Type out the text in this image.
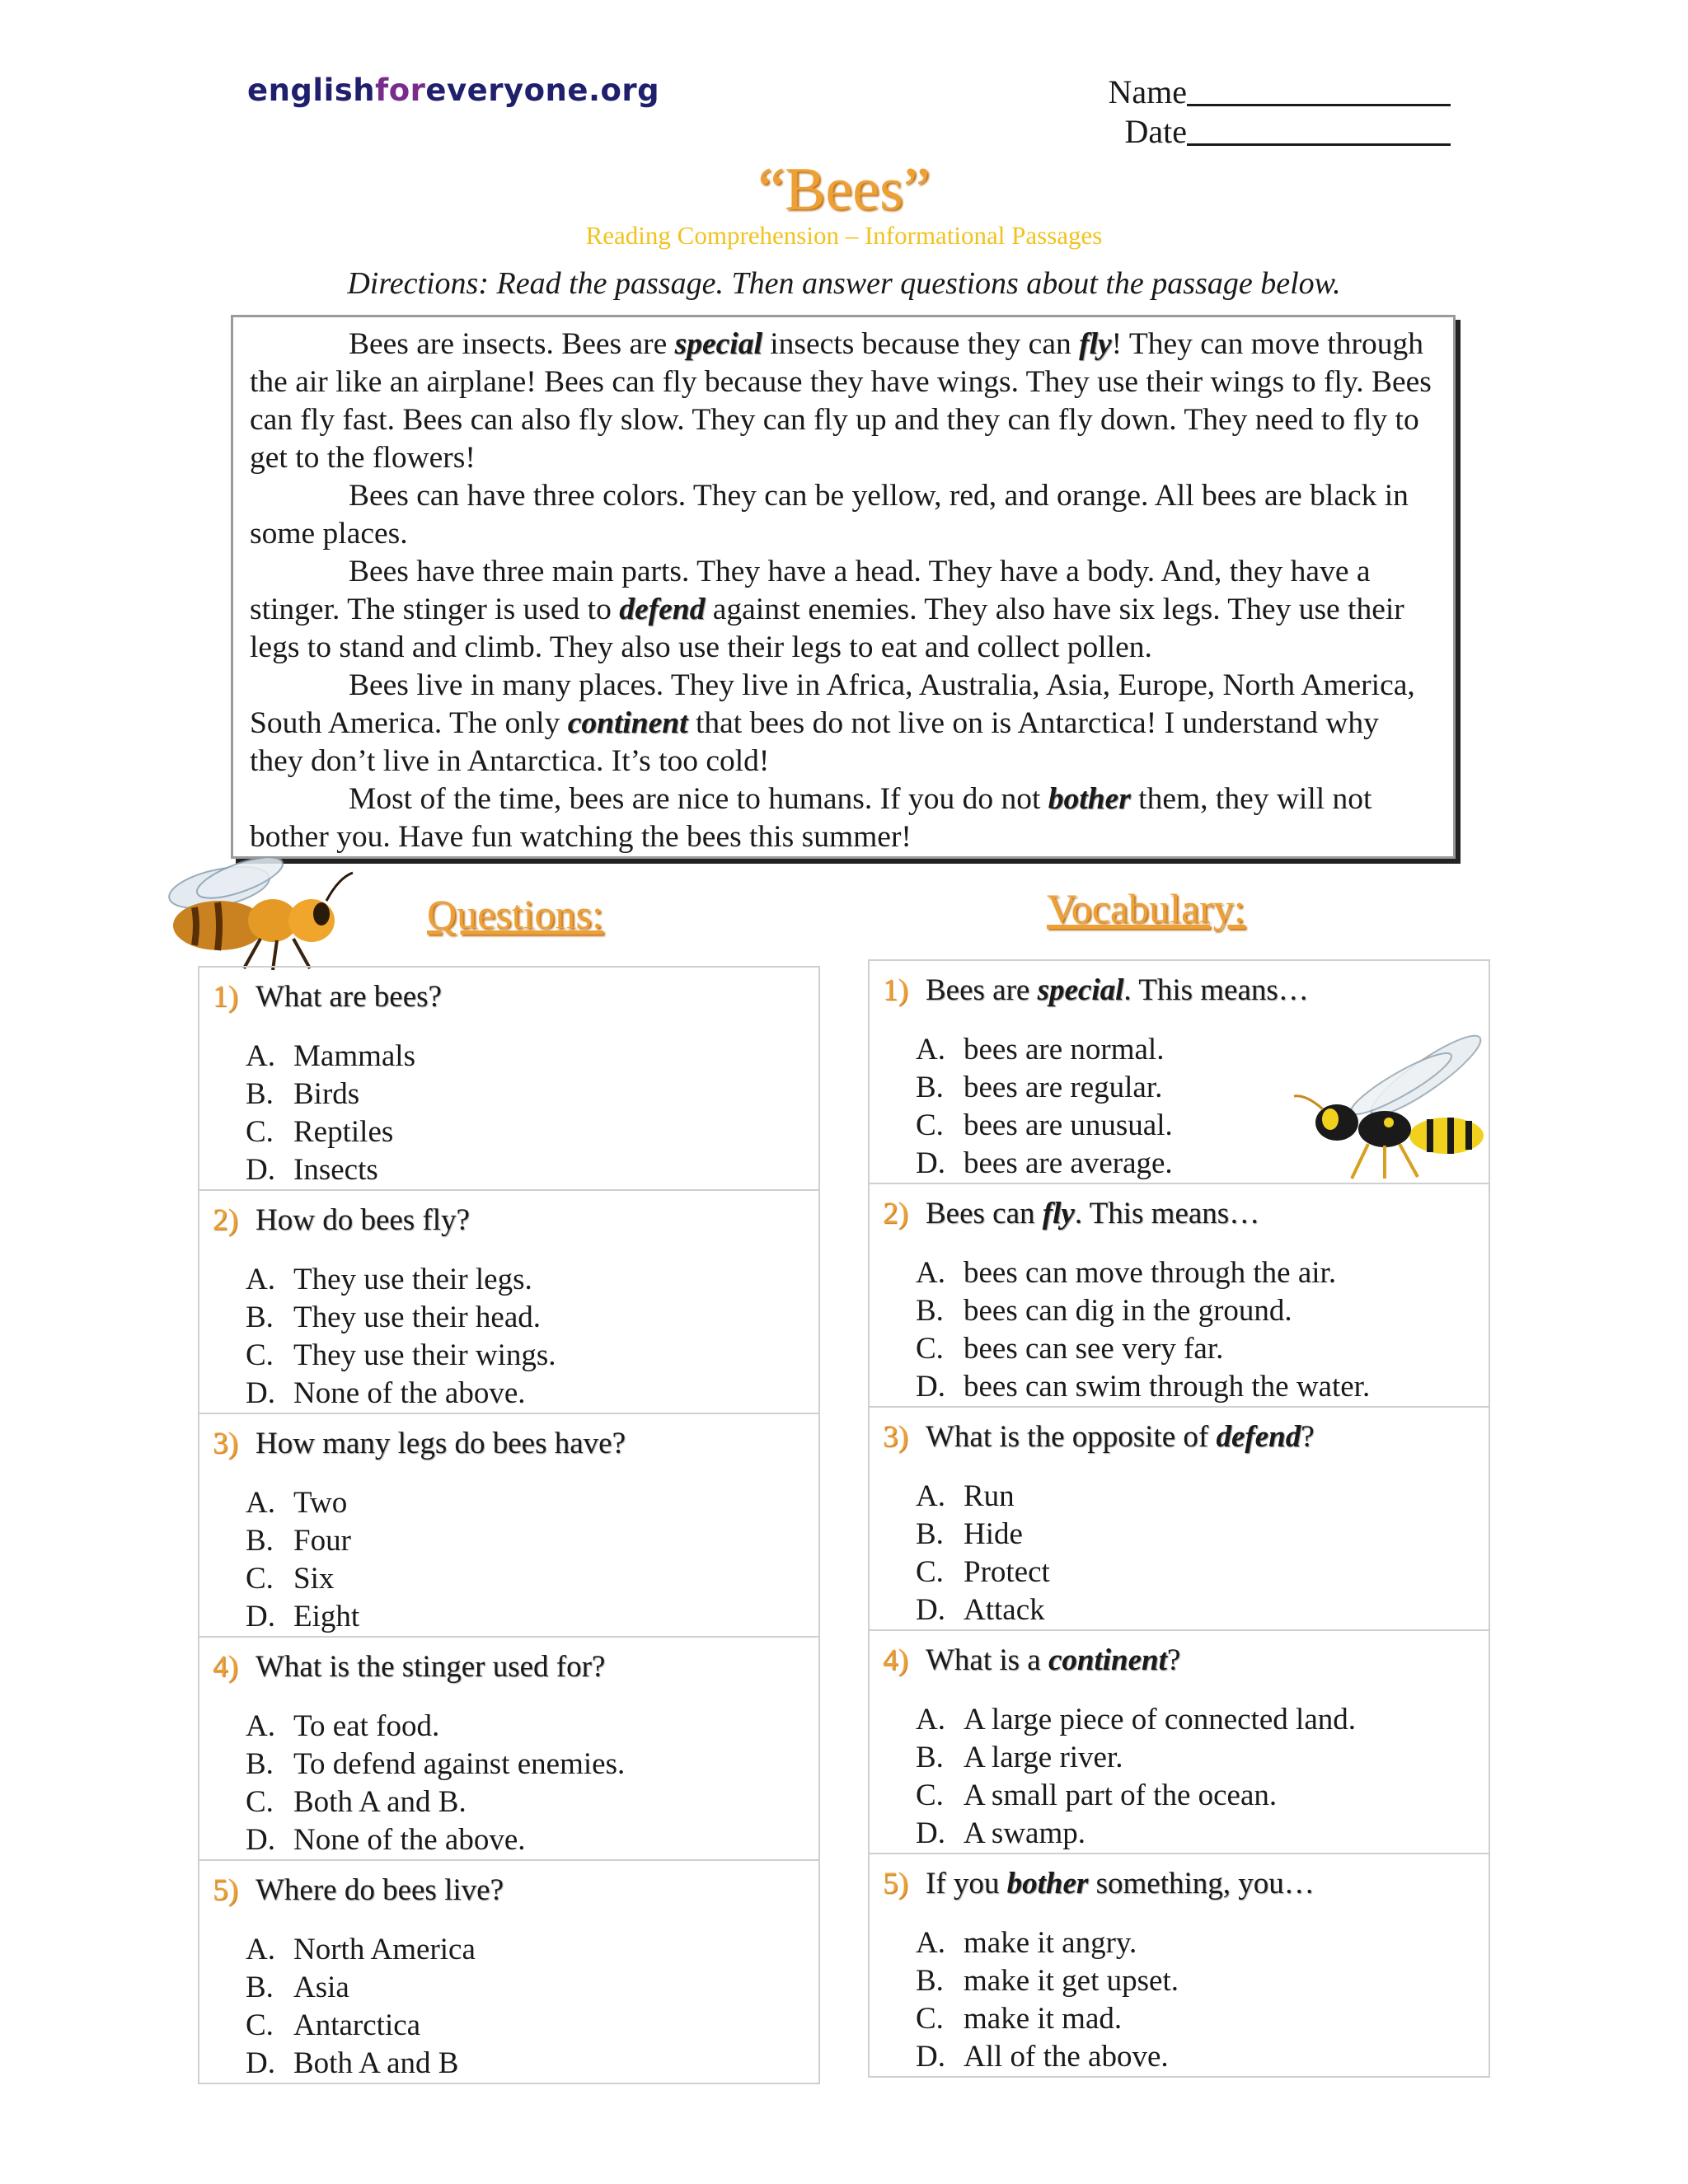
englishforeveryone.org	Name
Date
“Bees”
Reading Comprehension – Informational Passages
Directions: Read the passage. Then answer questions about the passage below.

Bees are insects. Bees are special insects because they can fly! They can move through the air like an airplane! Bees can fly because they have wings. They use their wings to fly. Bees can fly fast. Bees can also fly slow. They can fly up and they can fly down. They need to fly to get to the flowers!

Bees can have three colors. They can be yellow, red, and orange. All bees are black in some places.

Bees have three main parts. They have a head. They have a body. And, they have a stinger. The stinger is used to defend against enemies. They also have six legs. They use their legs to stand and climb. They also use their legs to eat and collect pollen.

Bees live in many places. They live in Africa, Australia, Asia, Europe, North America, South America. The only continent that bees do not live on is Antarctica! I understand why they don’t live in Antarctica. It’s too cold!

Most of the time, bees are nice to humans. If you do not bother them, they will not bother you. Have fun watching the bees this summer!

Questions:	Vocabulary:
1) What are bees?
A. Mammals
B. Birds
C. Reptiles
D. Insects
2) How do bees fly?
A. They use their legs.
B. They use their head.
C. They use their wings.
D. None of the above.
3) How many legs do bees have?
A. Two
B. Four
C. Six
D. Eight
4) What is the stinger used for?
A. To eat food.
B. To defend against enemies.
C. Both A and B.
D. None of the above.
5) Where do bees live?
A. North America
B. Asia
C. Antarctica
D. Both A and B
1) Bees are special. This means…
A. bees are normal.
B. bees are regular.
C. bees are unusual.
D. bees are average.
2) Bees can fly. This means…
A. bees can move through the air.
B. bees can dig in the ground.
C. bees can see very far.
D. bees can swim through the water.
3) What is the opposite of defend?
A. Run
B. Hide
C. Protect
D. Attack
4) What is a continent?
A. A large piece of connected land.
B. A large river.
C. A small part of the ocean.
D. A swamp.
5) If you bother something, you…
A. make it angry.
B. make it get upset.
C. make it mad.
D. All of the above.
